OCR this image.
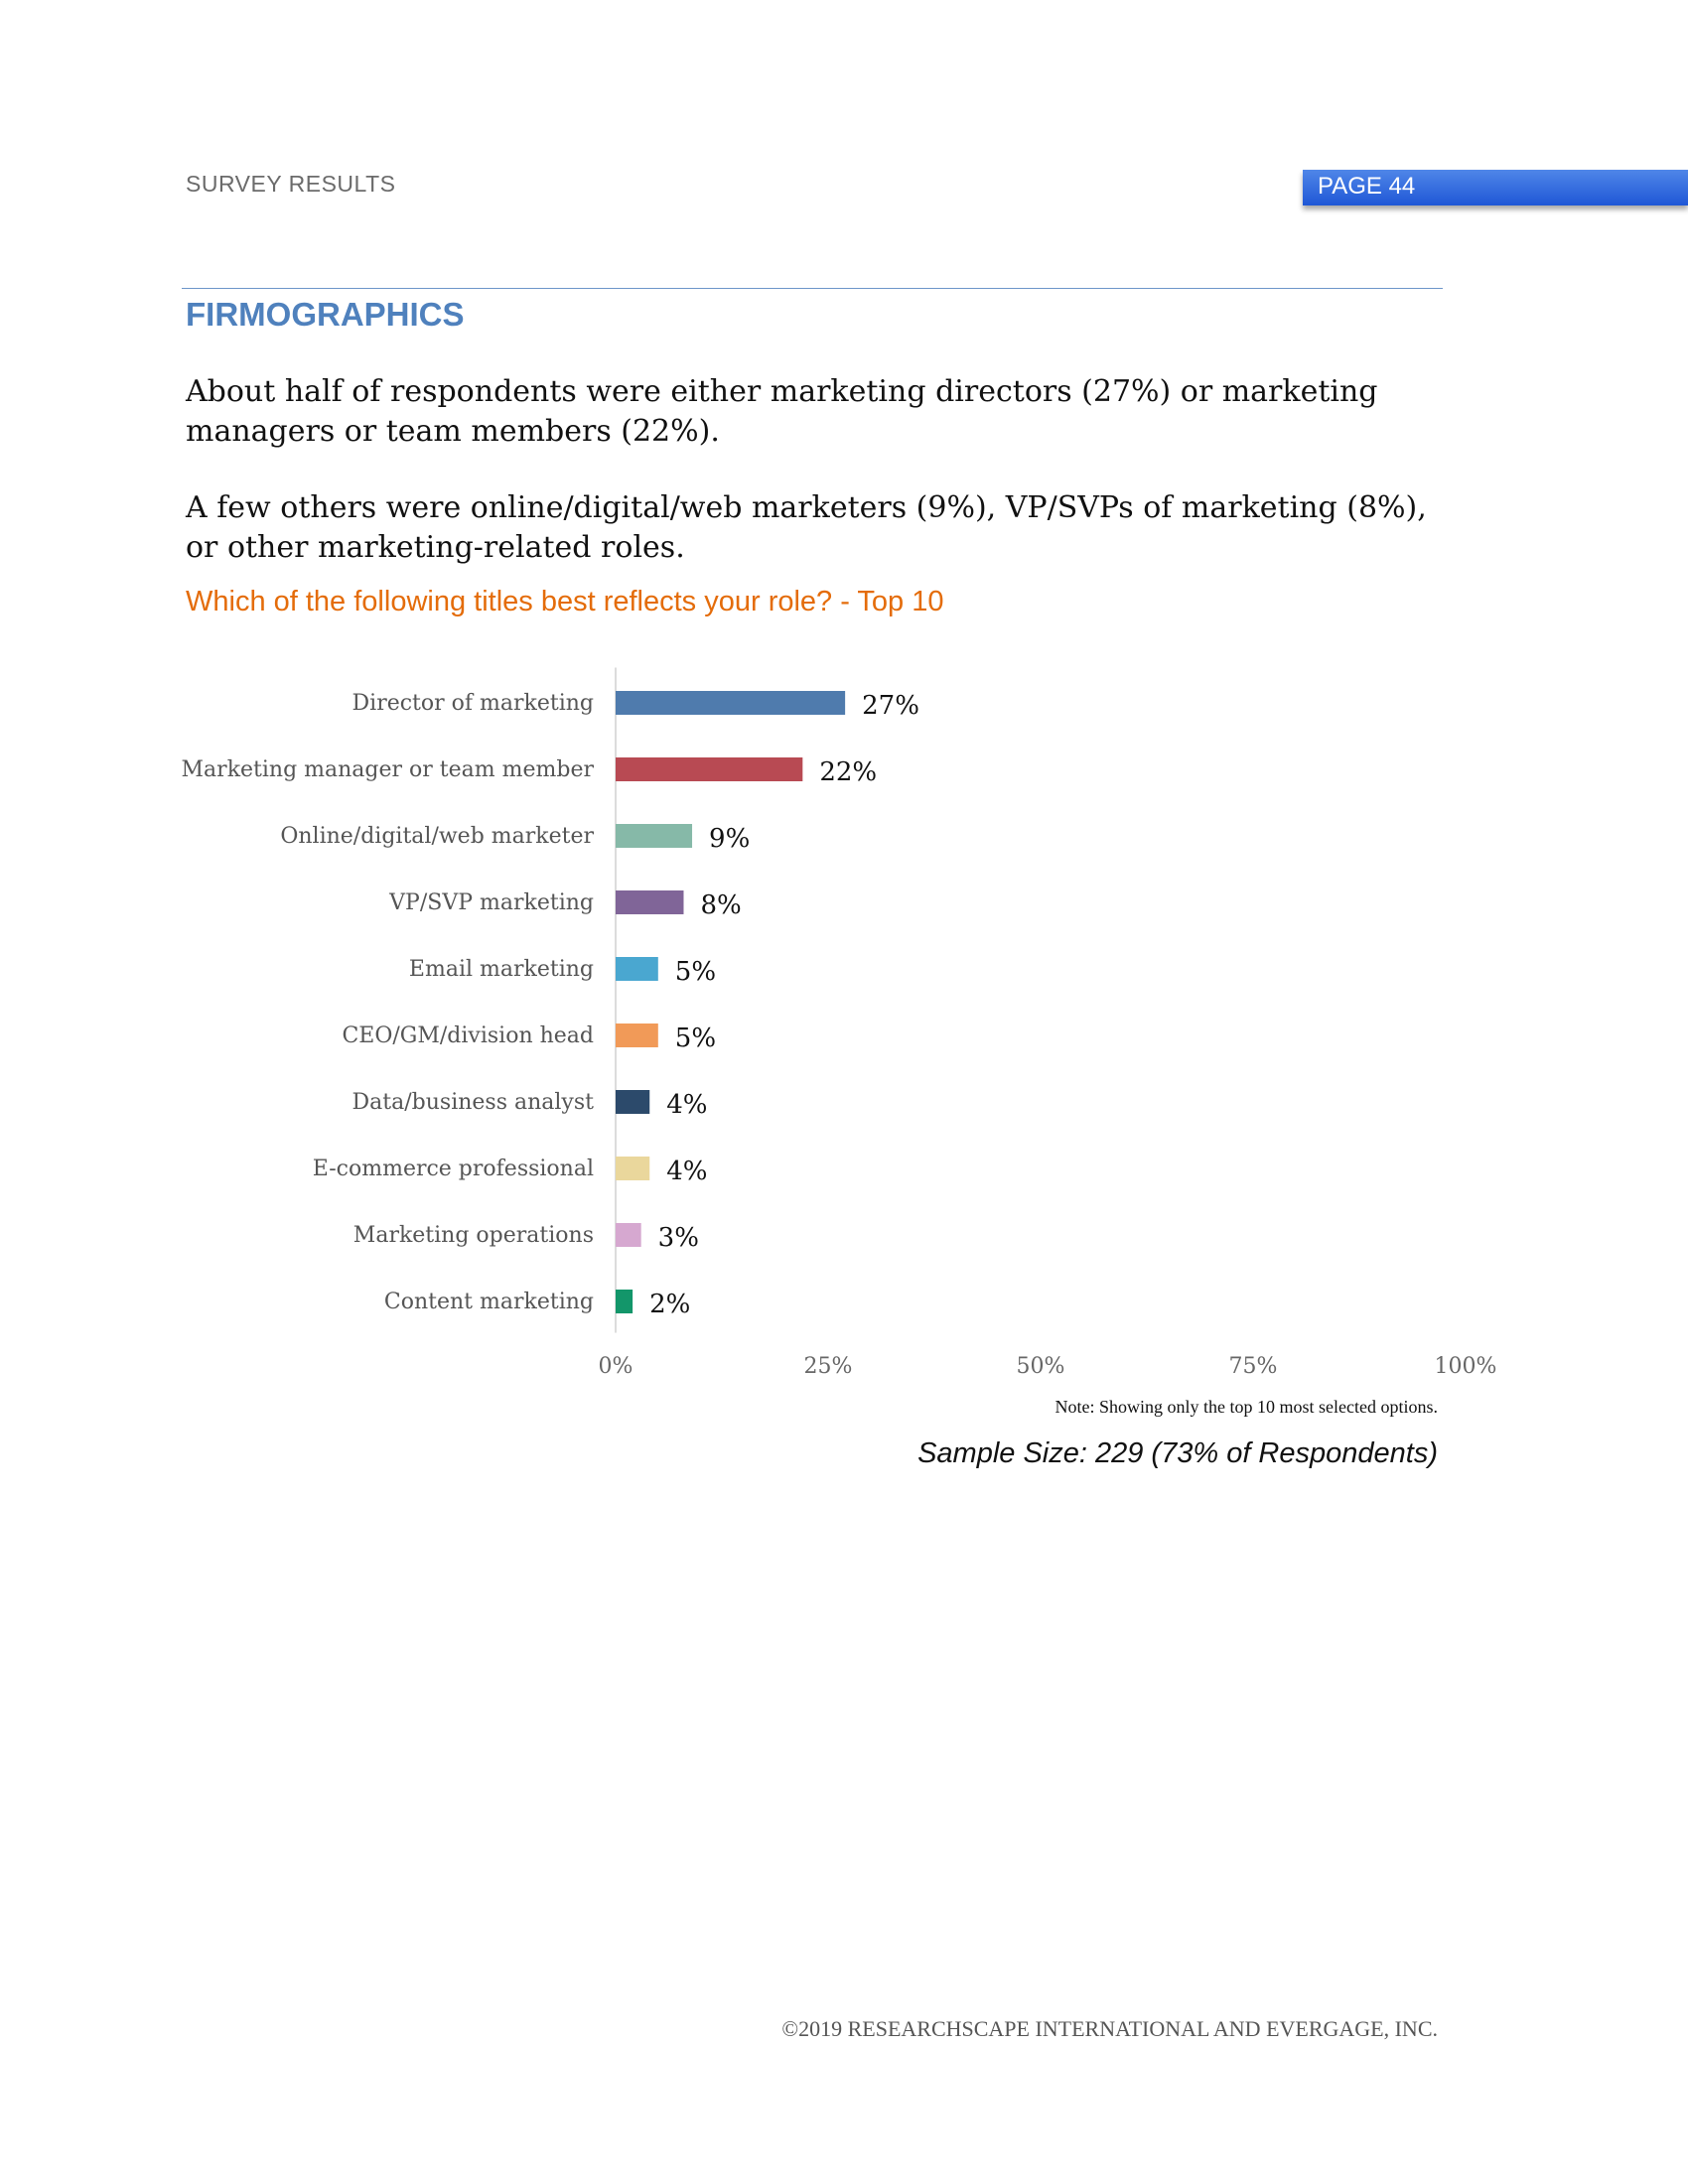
SURVEY RESULTS	PAGE 44
FIRMOGRAPHICS

About half of respondents were either marketing directors (27%) or marketing managers or team members (22%).

A few others were online/digital/web marketers (9%), VP/SVPs of marketing (8%), or other marketing-related roles.

Which of the following titles best reflects your role? - Top 10
Director of marketing	27%
Marketing manager or team member	22%
Online/digital/web marketer	9%
VP/SVP marketing	8%
Email marketing	5%
CEO/GM/division head	5%
Data/business analyst	4%
E-commerce professional	4%
Marketing operations 3%
Content marketing 2%
0%	25%	50%	75%	100%
Note: Showing only the top 10 most selected options.
Sample Size: 229 (73% of Respondents)
©2019 RESEARCHSCAPE INTERNATIONAL AND EVERGAGE, INC.
